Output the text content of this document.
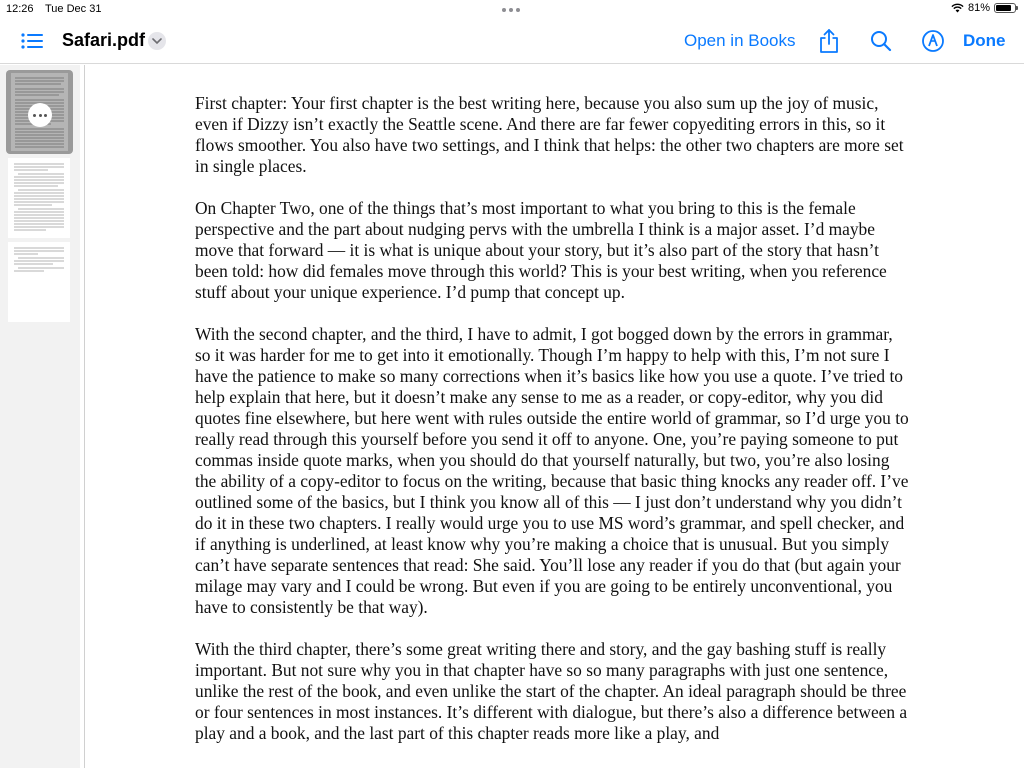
12:26 Tue Dec 31	81%
Safari.pdf	Open in Books	Done

First chapter: Your first chapter is the best writing here, because you also sum up the joy of music, even if Dizzy isn’t exactly the Seattle scene. And there are far fewer copyediting errors in this, so it flows smoother. You also have two settings, and I think that helps: the other two chapters are more set in single places.

On Chapter Two, one of the things that’s most important to what you bring to this is the female perspective and the part about nudging pervs with the umbrella I think is a major asset. I’d maybe move that forward — it is what is unique about your story, but it’s also part of the story that hasn’t been told: how did females move through this world? This is your best writing, when you reference stuff about your unique experience. I’d pump that concept up.

With the second chapter, and the third, I have to admit, I got bogged down by the errors in grammar, so it was harder for me to get into it emotionally. Though I’m happy to help with this, I’m not sure I have the patience to make so many corrections when it’s basics like how you use a quote. I’ve tried to help explain that here, but it doesn’t make any sense to me as a reader, or copy-editor, why you did quotes fine elsewhere, but here went with rules outside the entire world of grammar, so I’d urge you to really read through this yourself before you send it off to anyone. One, you’re paying someone to put commas inside quote marks, when you should do that yourself naturally, but two, you’re also losing the ability of a copy-editor to focus on the writing, because that basic thing knocks any reader off. I’ve outlined some of the basics, but I think you know all of this — I just don’t understand why you didn’t do it in these two chapters. I really would urge you to use MS word’s grammar, and spell checker, and if anything is underlined, at least know why you’re making a choice that is unusual. But you simply can’t have separate sentences that read: She said. You’ll lose any reader if you do that (but again your milage may vary and I could be wrong. But even if you are going to be entirely unconventional, you have to consistently be that way).

With the third chapter, there’s some great writing there and story, and the gay bashing stuff is really important. But not sure why you in that chapter have so so many paragraphs with just one sentence, unlike the rest of the book, and even unlike the start of the chapter. An ideal paragraph should be three or four sentences in most instances. It’s different with dialogue, but there’s also a difference between a play and a book, and the last part of this chapter reads more like a play, and
